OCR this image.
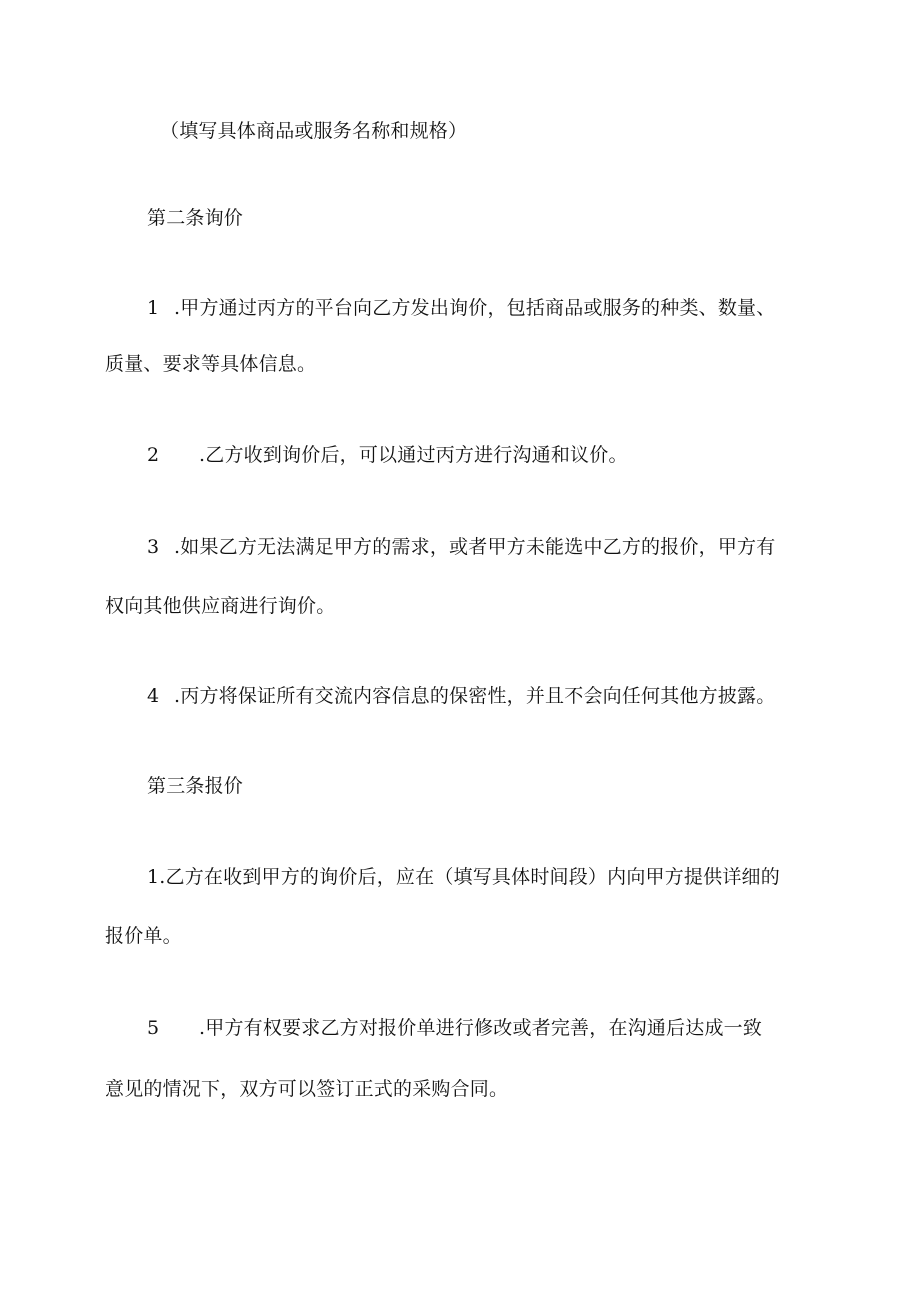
（填写具体商品或服务名称和规格）
第二条询价
1 .甲方通过丙方的平台向乙方发出询价，包括商品或服务的种类、数量、
质量、要求等具体信息。
2 .乙方收到询价后，可以通过丙方进行沟通和议价。
3 .如果乙方无法满足甲方的需求，或者甲方未能选中乙方的报价，甲方有
权向其他供应商进行询价。
4 .丙方将保证所有交流内容信息的保密性，并且不会向任何其他方披露。
第三条报价
1.乙方在收到甲方的询价后，应在（填写具体时间段）内向甲方提供详细的
报价单。
5 .甲方有权要求乙方对报价单进行修改或者完善，在沟通后达成一致
意见的情况下，双方可以签订正式的采购合同。
